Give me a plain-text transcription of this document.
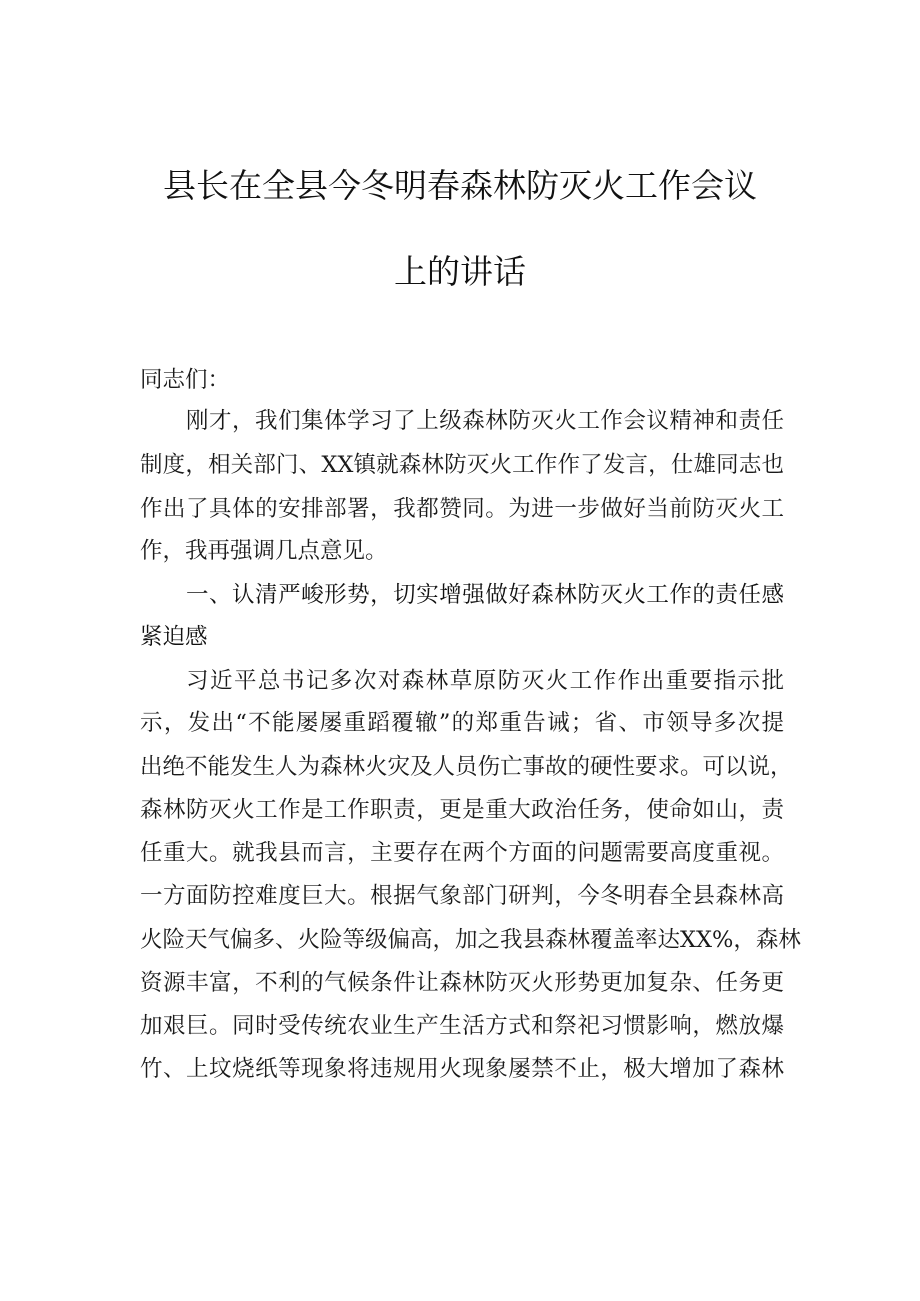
县长在全县今冬明春森林防灭火工作会议
上的讲话
同志们：
刚才，我们集体学习了上级森林防灭火工作会议精神和责任
制度，相关部门、XX镇就森林防灭火工作作了发言，仕雄同志也
作出了具体的安排部署，我都赞同。为进一步做好当前防灭火工
作，我再强调几点意见。
一、认清严峻形势，切实增强做好森林防灭火工作的责任感
紧迫感
习近平总书记多次对森林草原防灭火工作作出重要指示批
示，发出“不能屡屡重蹈覆辙”的郑重告诫；省、市领导多次提
出绝不能发生人为森林火灾及人员伤亡事故的硬性要求。可以说，
森林防灭火工作是工作职责，更是重大政治任务，使命如山，责
任重大。就我县而言，主要存在两个方面的问题需要高度重视。
一方面防控难度巨大。根据气象部门研判，今冬明春全县森林高
火险天气偏多、火险等级偏高，加之我县森林覆盖率达XX%，森林
资源丰富，不利的气候条件让森林防灭火形势更加复杂、任务更
加艰巨。同时受传统农业生产生活方式和祭祀习惯影响，燃放爆
竹、上坟烧纸等现象将违规用火现象屡禁不止，极大增加了森林
